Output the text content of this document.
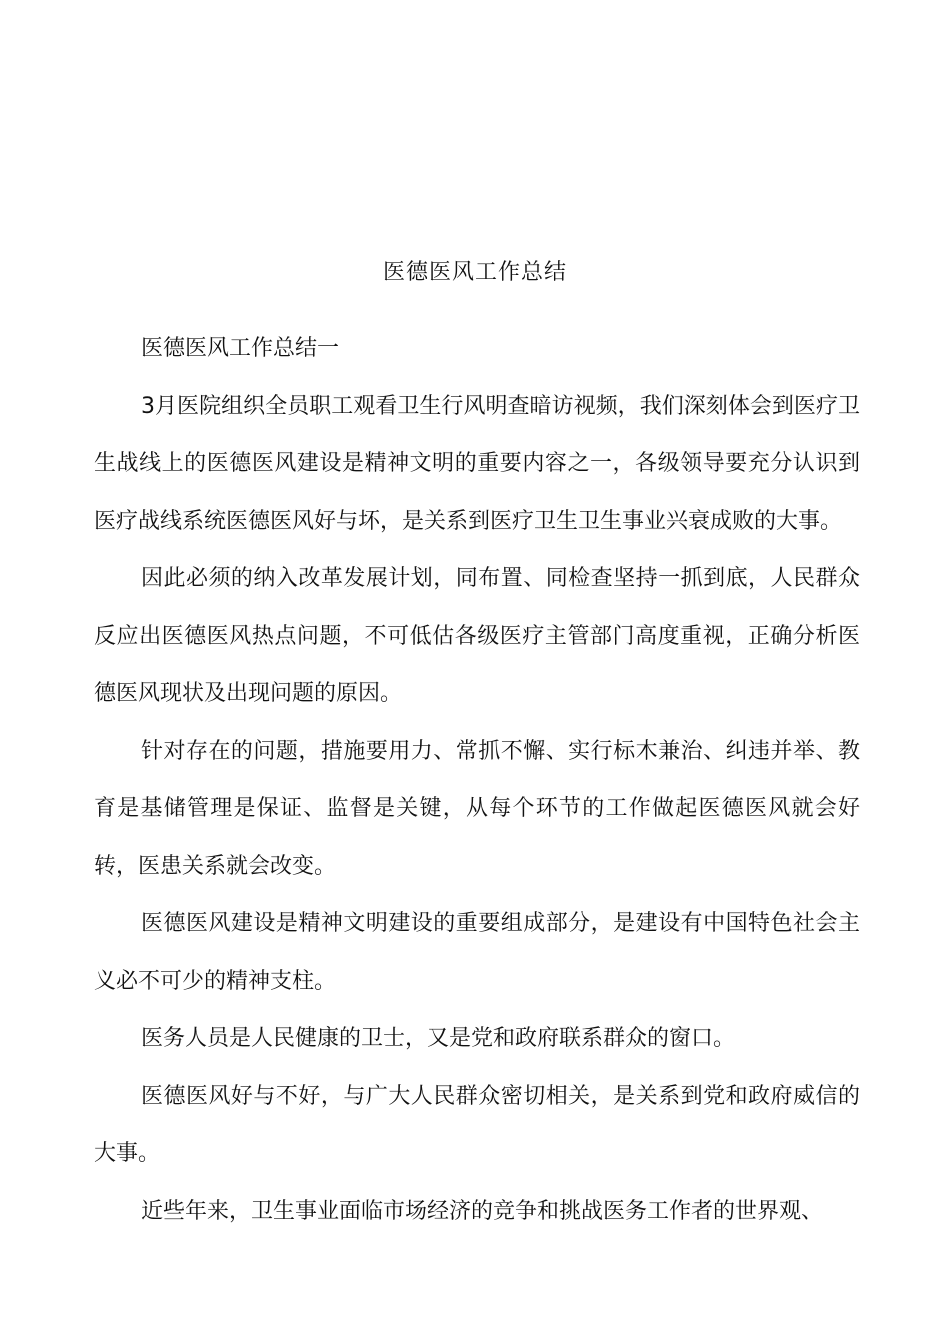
医德医风工作总结

医德医风工作总结一

3月医院组织全员职工观看卫生行风明查暗访视频，我们深刻体会到医疗卫生战线上的医德医风建设是精神文明的重要内容之一，各级领导要充分认识到医疗战线系统医德医风好与坏，是关系到医疗卫生卫生事业兴衰成败的大事。

因此必须的纳入改革发展计划，同布置、同检查坚持一抓到底，人民群众反应出医德医风热点问题，不可低估各级医疗主管部门高度重视，正确分析医德医风现状及出现问题的原因。

针对存在的问题，措施要用力、常抓不懈、实行标木兼治、纠违并举、教育是基储管理是保证、监督是关键，从每个环节的工作做起医德医风就会好转，医患关系就会改变。

医德医风建设是精神文明建设的重要组成部分，是建设有中国特色社会主义必不可少的精神支柱。

医务人员是人民健康的卫士，又是党和政府联系群众的窗口。

医德医风好与不好，与广大人民群众密切相关，是关系到党和政府威信的大事。

近些年来，卫生事业面临市场经济的竞争和挑战医务工作者的世界观、
